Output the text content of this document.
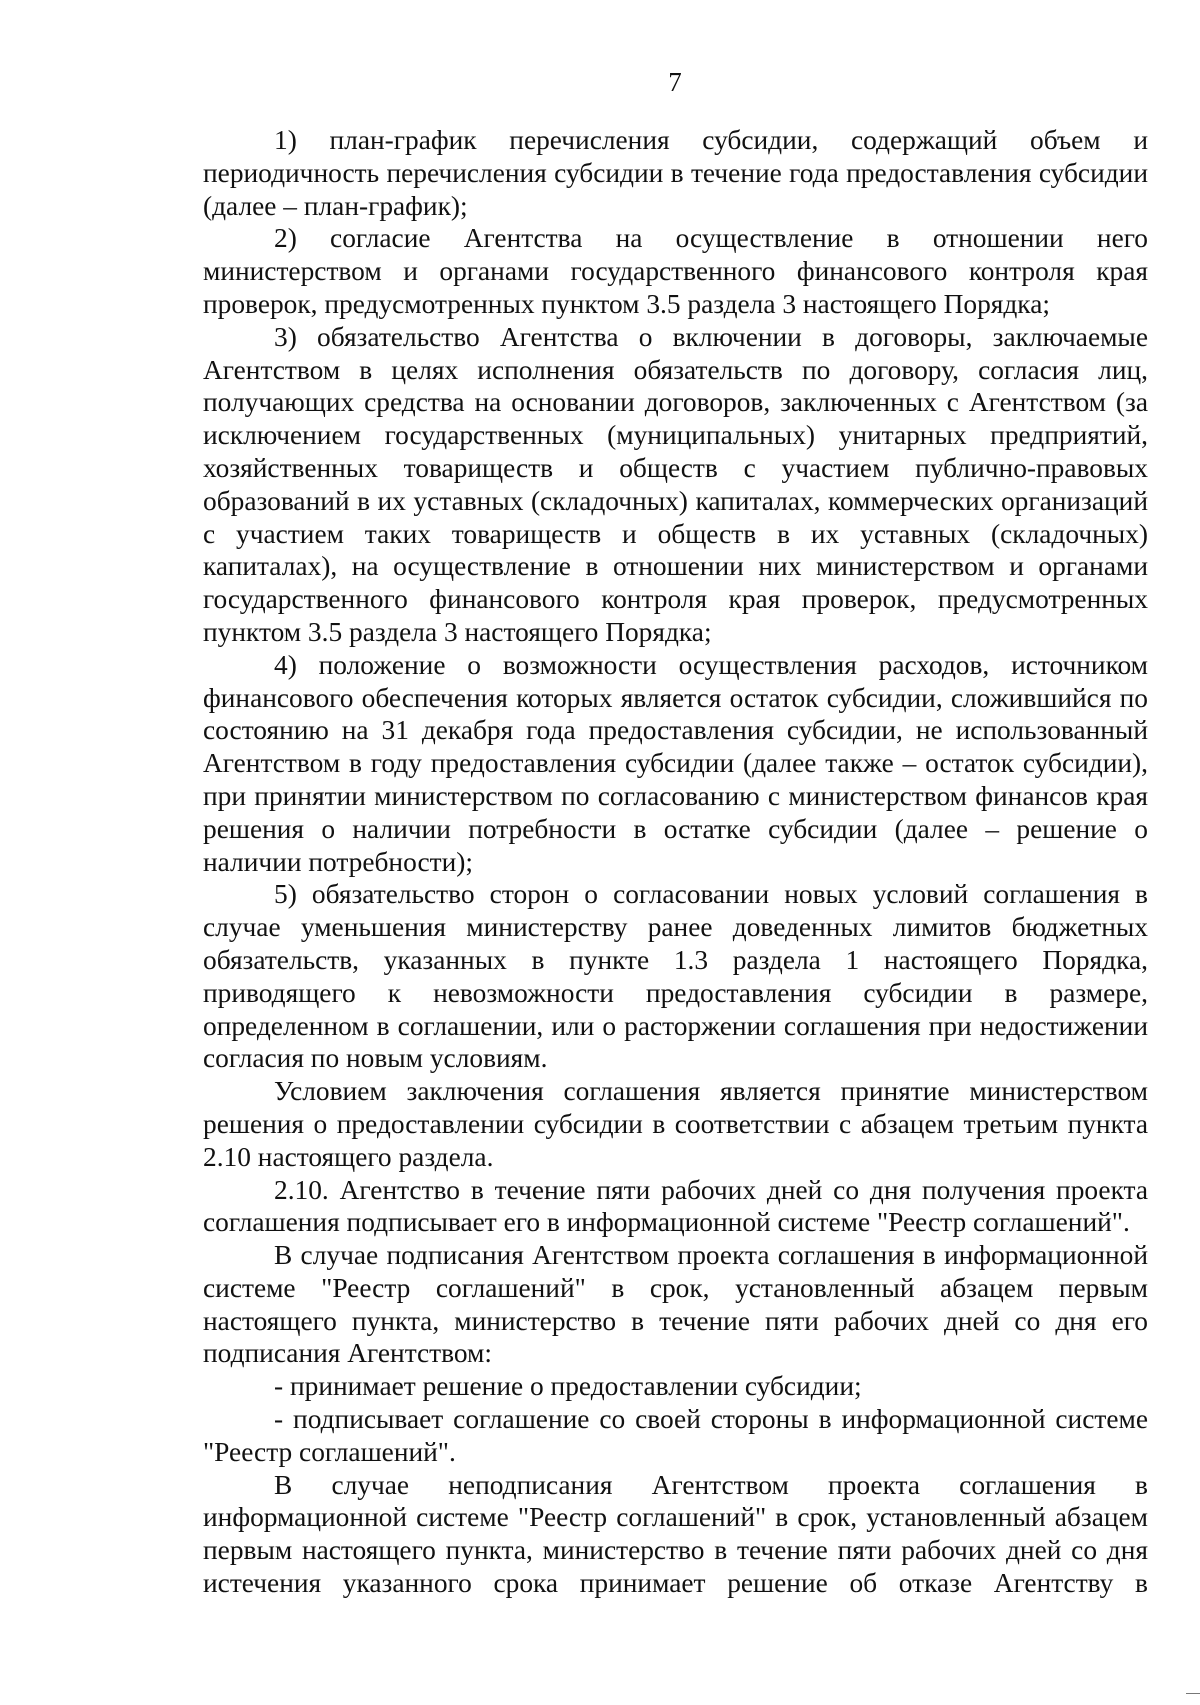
7

1) план-график перечисления субсидии, содержащий объем и периодичность перечисления субсидии в течение года предоставления субсидии (далее – план-график);

2) согласие Агентства на осуществление в отношении него министерством и органами государственного финансового контроля края проверок, предусмотренных пунктом 3.5 раздела 3 настоящего Порядка;

3) обязательство Агентства о включении в договоры, заключаемые Агентством в целях исполнения обязательств по договору, согласия лиц, получающих средства на основании договоров, заключенных с Агентством (за исключением государственных (муниципальных) унитарных предприятий, хозяйственных товариществ и обществ с участием публично-правовых образований в их уставных (складочных) капиталах, коммерческих организаций с участием таких товариществ и обществ в их уставных (складочных) капиталах), на осуществление в отношении них министерством и органами государственного финансового контроля края проверок, предусмотренных пунктом 3.5 раздела 3 настоящего Порядка;

4) положение о возможности осуществления расходов, источником финансового обеспечения которых является остаток субсидии, сложившийся по состоянию на 31 декабря года предоставления субсидии, не использованный Агентством в году предоставления субсидии (далее также – остаток субсидии), при принятии министерством по согласованию с министерством финансов края решения о наличии потребности в остатке субсидии (далее – решение о наличии потребности);

5) обязательство сторон о согласовании новых условий соглашения в случае уменьшения министерству ранее доведенных лимитов бюджетных обязательств, указанных в пункте 1.3 раздела 1 настоящего Порядка, приводящего к невозможности предоставления субсидии в размере, определенном в соглашении, или о расторжении соглашения при недостижении согласия по новым условиям.

Условием заключения соглашения является принятие министерством решения о предоставлении субсидии в соответствии с абзацем третьим пункта 2.10 настоящего раздела.

2.10. Агентство в течение пяти рабочих дней со дня получения проекта соглашения подписывает его в информационной системе "Реестр соглашений".

В случае подписания Агентством проекта соглашения в информационной системе "Реестр соглашений" в срок, установленный абзацем первым настоящего пункта, министерство в течение пяти рабочих дней со дня его подписания Агентством:

- принимает решение о предоставлении субсидии;

- подписывает соглашение со своей стороны в информационной системе "Реестр соглашений".

В случае неподписания Агентством проекта соглашения в информационной системе "Реестр соглашений" в срок, установленный абзацем первым настоящего пункта, министерство в течение пяти рабочих дней со дня истечения указанного срока принимает решение об отказе Агентству в
